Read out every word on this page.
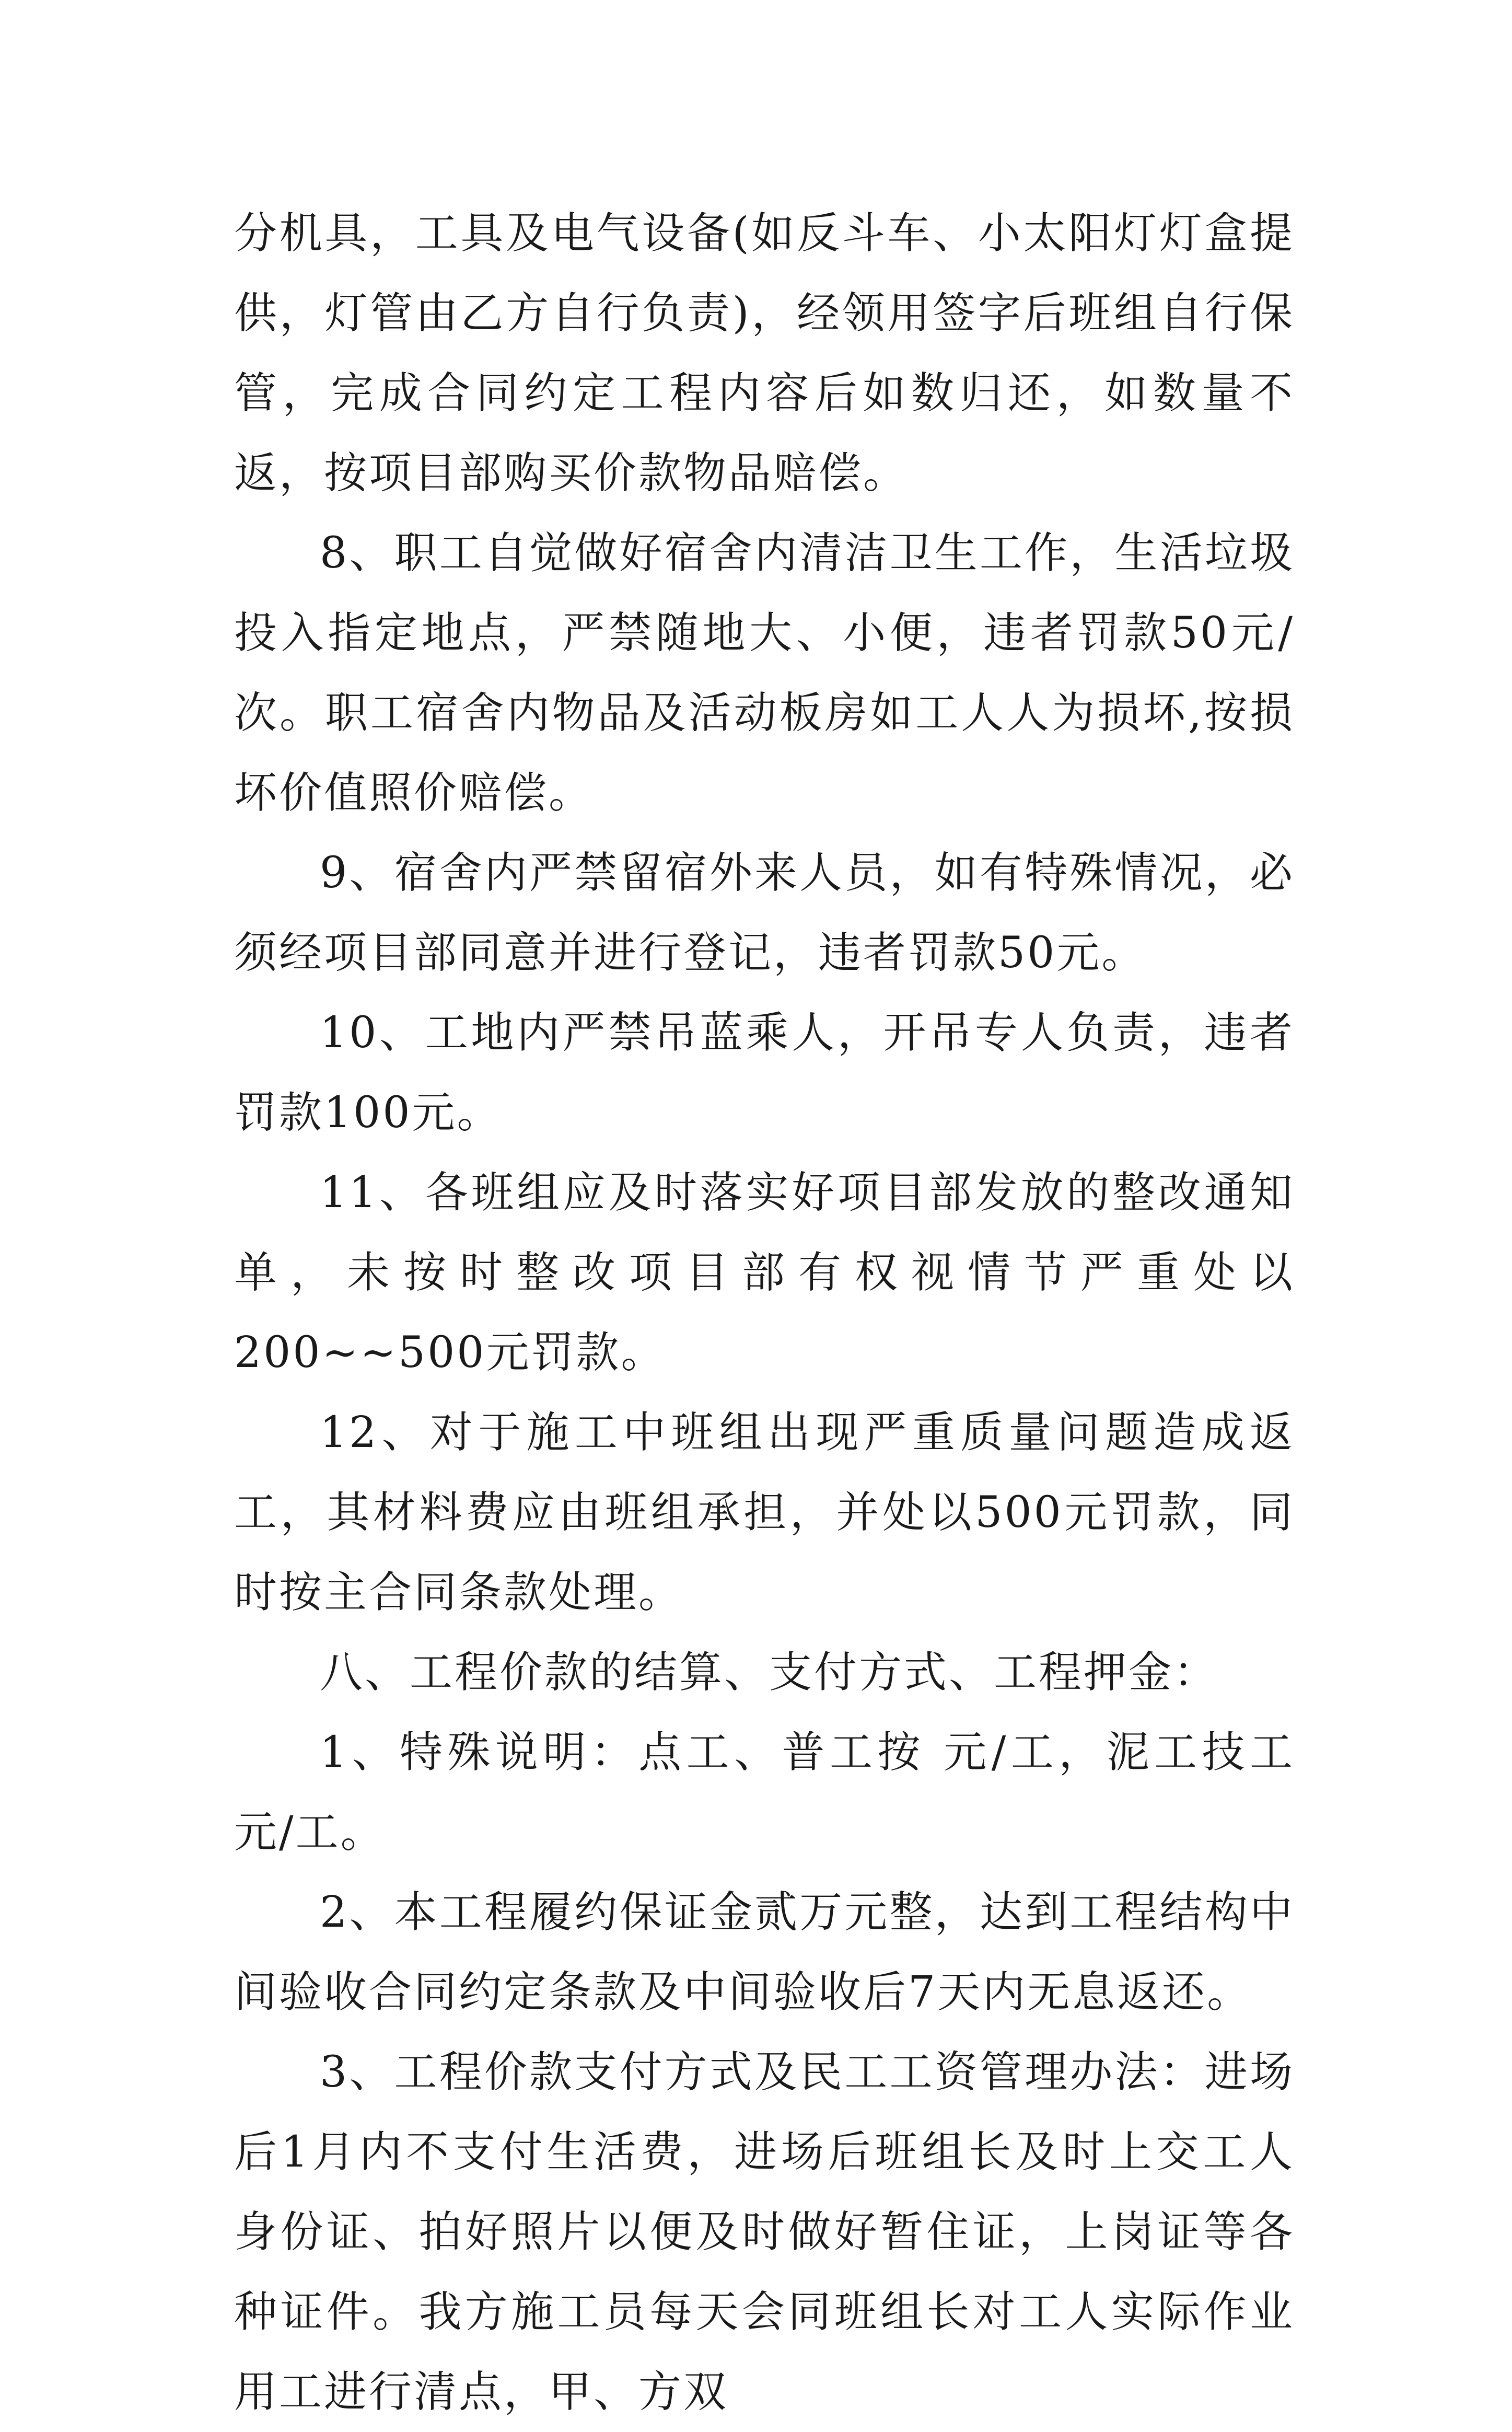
分机具，工具及电气设备(如反斗车、小太阳灯灯盒提供，灯管由乙方自行负责)，经领用签字后班组自行保管，完成合同约定工程内容后如数归还，如数量不返，按项目部购买价款物品赔偿。

8、职工自觉做好宿舍内清洁卫生工作，生活垃圾投入指定地点，严禁随地大、小便，违者罚款50元/次。职工宿舍内物品及活动板房如工人人为损坏,按损坏价值照价赔偿。

9、宿舍内严禁留宿外来人员，如有特殊情况，必须经项目部同意并进行登记，违者罚款50元。

10、工地内严禁吊蓝乘人，开吊专人负责，违者罚款100元。

11、各班组应及时落实好项目部发放的整改通知单，未按时整改项目部有权视情节严重处以200~~500元罚款。

12、对于施工中班组出现严重质量问题造成返工，其材料费应由班组承担，并处以500元罚款，同时按主合同条款处理。

八、工程价款的结算、支付方式、工程押金：

1、特殊说明：点工、普工按 元/工，泥工技工 元/工。

2、本工程履约保证金贰万元整，达到工程结构中间验收合同约定条款及中间验收后7天内无息返还。

3、工程价款支付方式及民工工资管理办法：进场后1月内不支付生活费，进场后班组长及时上交工人身份证、拍好照片以便及时做好暂住证，上岗证等各种证件。我方施工员每天会同班组长对工人实际作业用工进行清点，甲、方双
